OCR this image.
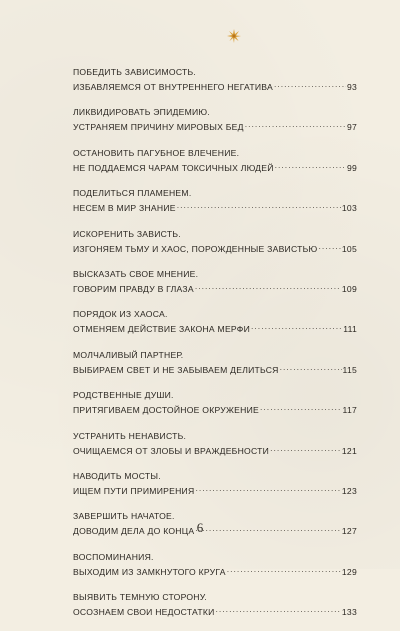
ПОБЕДИТЬ ЗАВИСИМОСТЬ.
ИЗБАВЛЯЕМСЯ ОТ ВНУТРЕННЕГО НЕГАТИВА .....	93
ЛИКВИДИРОВАТЬ ЭПИДЕМИЮ.
УСТРАНЯЕМ ПРИЧИНУ МИРОВЫХ БЕД .....	97
ОСТАНОВИТЬ ПАГУБНОЕ ВЛЕЧЕНИЕ.
НЕ ПОДДАЕМСЯ ЧАРАМ ТОКСИЧНЫХ ЛЮДЕЙ .....	99
ПОДЕЛИТЬСЯ ПЛАМЕНЕМ.
НЕСЕМ В МИР ЗНАНИЕ .....	103
ИСКОРЕНИТЬ ЗАВИСТЬ.
ИЗГОНЯЕМ ТЬМУ И ХАОС, ПОРОЖДЕННЫЕ ЗАВИСТЬЮ .....	105
ВЫСКАЗАТЬ СВОЕ МНЕНИЕ.
ГОВОРИМ ПРАВДУ В ГЛАЗА .....	109
ПОРЯДОК ИЗ ХАОСА.
ОТМЕНЯЕМ ДЕЙСТВИЕ ЗАКОНА МЕРФИ .....	111
МОЛЧАЛИВЫЙ ПАРТНЕР.
ВЫБИРАЕМ СВЕТ И НЕ ЗАБЫВАЕМ ДЕЛИТЬСЯ .....	115
РОДСТВЕННЫЕ ДУШИ.
ПРИТЯГИВАЕМ ДОСТОЙНОЕ ОКРУЖЕНИЕ .....	117
УСТРАНИТЬ НЕНАВИСТЬ.
ОЧИЩАЕМСЯ ОТ ЗЛОБЫ И ВРАЖДЕБНОСТИ .....	121
НАВОДИТЬ МОСТЫ.
ИЩЕМ ПУТИ ПРИМИРЕНИЯ .....	123
ЗАВЕРШИТЬ НАЧАТОЕ.
ДОВОДИМ ДЕЛА ДО КОНЦА .....	127
ВОСПОМИНАНИЯ.
ВЫХОДИМ ИЗ ЗАМКНУТОГО КРУГА .....	129
ВЫЯВИТЬ ТЕМНУЮ СТОРОНУ.
ОСОЗНАЕМ СВОИ НЕДОСТАТКИ .....	133
6
